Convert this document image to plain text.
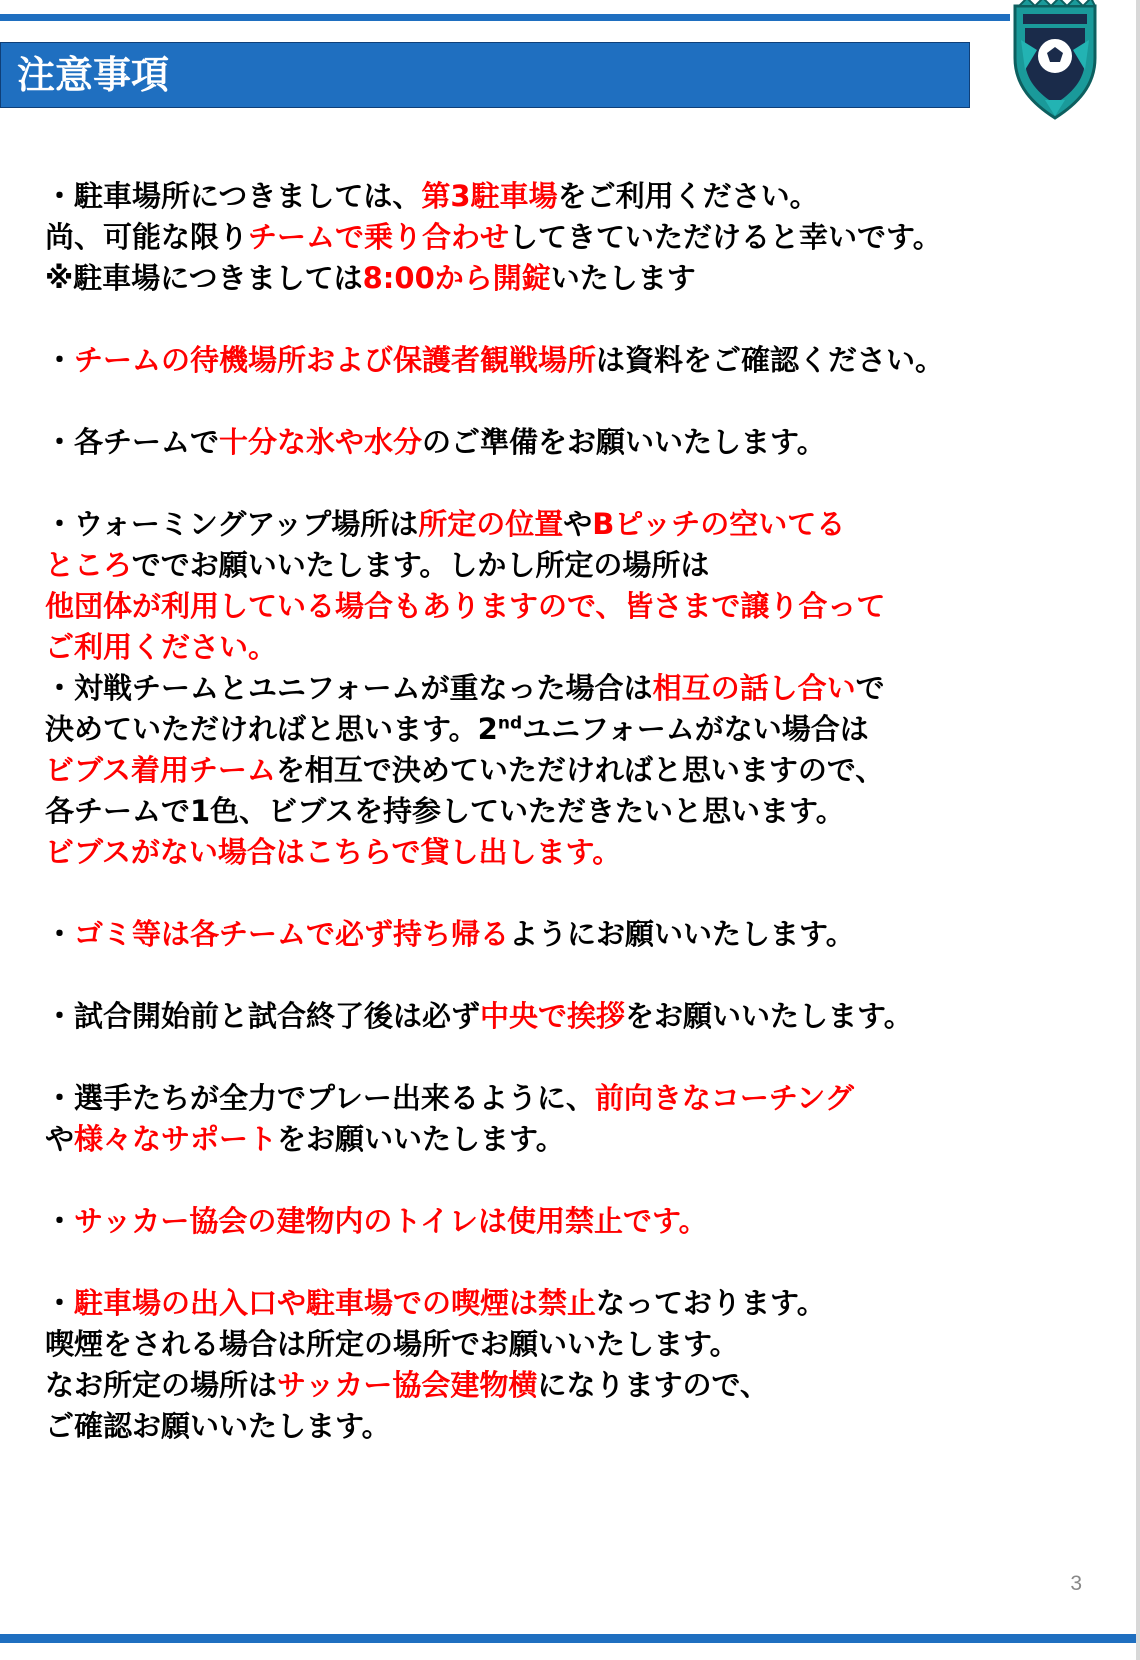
注意事項
・駐車場所につきましては、第3駐車場をご利用ください。
尚、可能な限りチームで乗り合わせしてきていただけると幸いです。
※駐車場につきましては8:00から開錠いたします
・チームの待機場所および保護者観戦場所は資料をご確認ください。
・各チームで十分な氷や水分のご準備をお願いいたします。
・ウォーミングアップ場所は所定の位置やBピッチの空いてる
ところででお願いいたします。しかし所定の場所は
他団体が利用している場合もありますので、皆さまで譲り合って
ご利用ください。
・対戦チームとユニフォームが重なった場合は相互の話し合いで
決めていただければと思います。2ndユニフォームがない場合は
ビブス着用チームを相互で決めていただければと思いますので、
各チームで1色、ビブスを持参していただきたいと思います。
ビブスがない場合はこちらで貸し出します。
・ゴミ等は各チームで必ず持ち帰るようにお願いいたします。
・試合開始前と試合終了後は必ず中央で挨拶をお願いいたします。
・選手たちが全力でプレー出来るように、前向きなコーチング
や様々なサポートをお願いいたします。
・サッカー協会の建物内のトイレは使用禁止です。
・駐車場の出入口や駐車場での喫煙は禁止なっております。
喫煙をされる場合は所定の場所でお願いいたします。
なお所定の場所はサッカー協会建物横になりますので、
ご確認お願いいたします。
3
